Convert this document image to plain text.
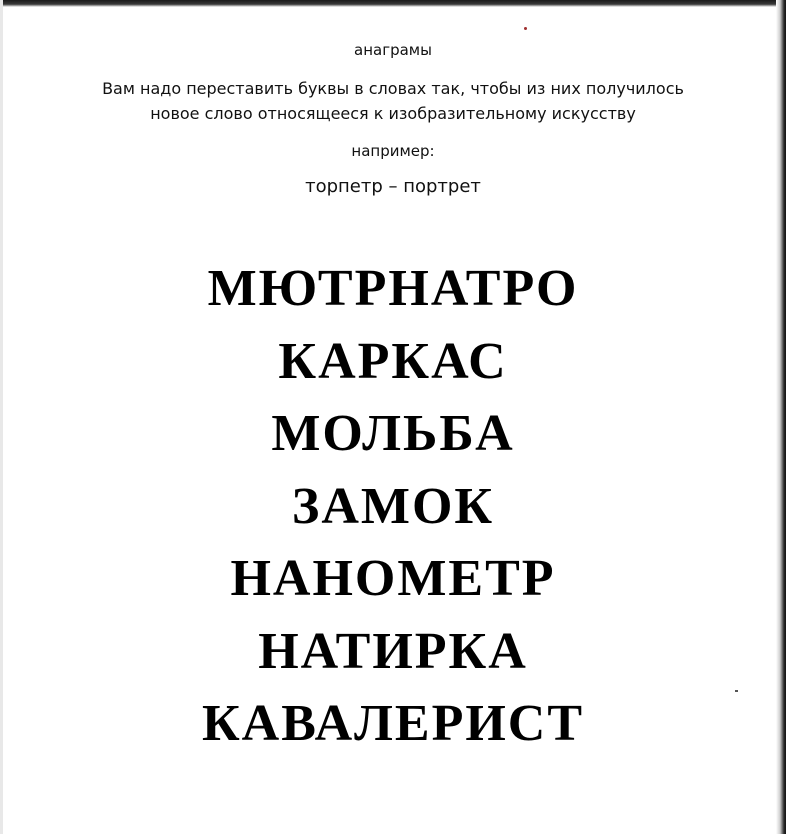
анаграмы
Вам надо переставить буквы в словах так, чтобы из них получилось
новое слово относящееся к изобразительному искусству
например:
торпетр – портрет
МЮТРНАТРО
КАРКАС
МОЛЬБА
ЗАМОК
НАНОМЕТР
НАТИРКА
КАВАЛЕРИСТ
